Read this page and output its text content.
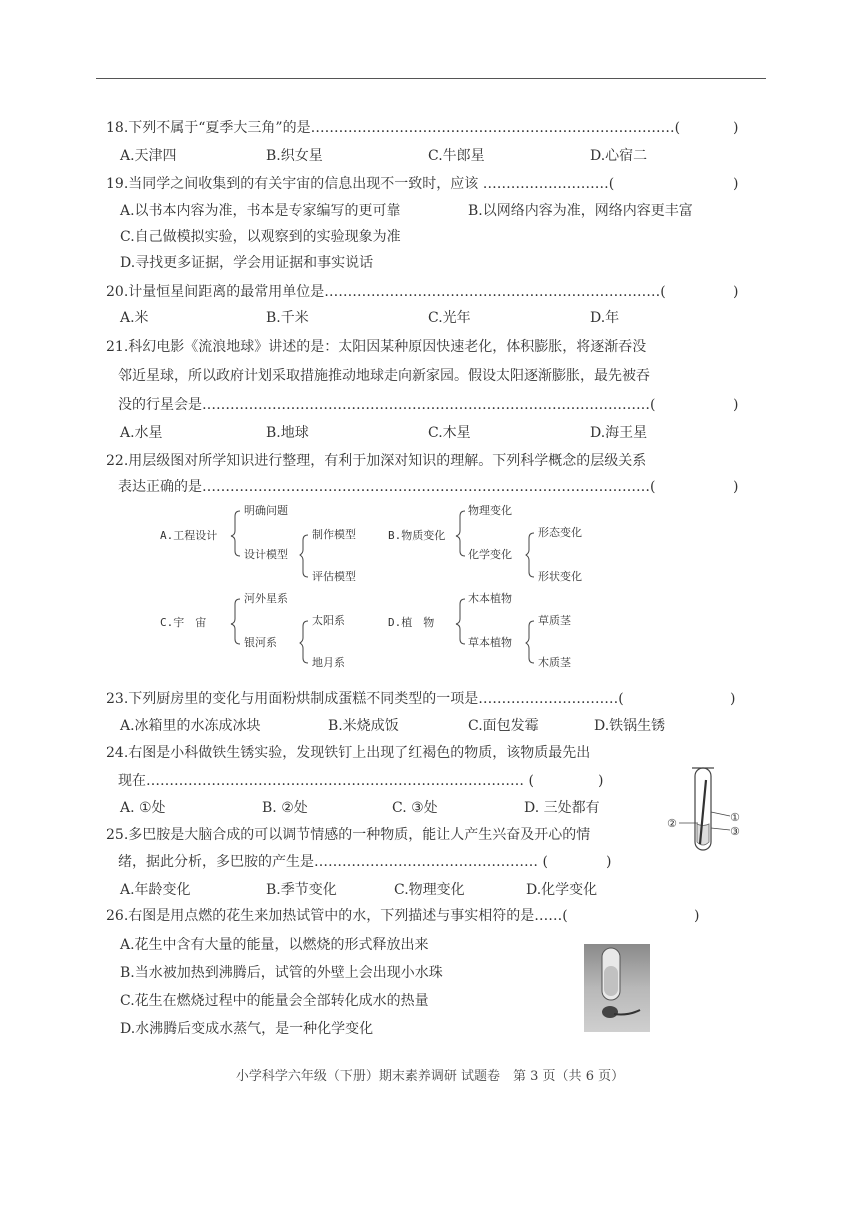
18.下列不属于“夏季大三角”的是……………………………………………………………………(	)
A.天津四	B.织女星	C.牛郎星	D.心宿二
19.当同学之间收集到的有关宇宙的信息出现不一致时，应该 ………………………(	)
A.以书本内容为准，书本是专家编写的更可靠	B.以网络内容为准，网络内容更丰富
C.自己做模拟实验，以观察到的实验现象为准
D.寻找更多证据，学会用证据和事实说话
20.计量恒星间距离的最常用单位是………………………………………………………………(	)
A.米	B.千米	C.光年	D.年
21.科幻电影《流浪地球》讲述的是：太阳因某种原因快速老化，体积膨胀，将逐渐吞没
邻近星球，所以政府计划采取措施推动地球走向新家园。假设太阳逐渐膨胀，最先被吞
没的行星会是……………………………………………………………………………………(	)
A.水星	B.地球	C.木星	D.海王星
22.用层级图对所学知识进行整理，有利于加深对知识的理解。下列科学概念的层级关系
表达正确的是……………………………………………………………………………………(	)
A.工程设计
明确问题
设计模型
制作模型
评估模型
B.物质变化
物理变化
化学变化
形态变化
形状变化
C.宇　宙
河外星系
银河系
太阳系
地月系
D.植　物
木本植物
草本植物
草质茎
木质茎
23.下列厨房里的变化与用面粉烘制成蛋糕不同类型的一项是…………………………(	)
A.冰箱里的水冻成冰块	B.米烧成饭	C.面包发霉	D.铁锅生锈
24.右图是小科做铁生锈实验，发现铁钉上出现了红褐色的物质，该物质最先出
现在……………………………………………………………………… (	)
A. ①处	B. ②处	C. ③处	D. 三处都有
①
③
②
25.多巴胺是大脑合成的可以调节情感的一种物质，能让人产生兴奋及开心的情
绪，据此分析，多巴胺的产生是………………………………………… (	)
A.年龄变化	B.季节变化	C.物理变化	D.化学变化
26.右图是用点燃的花生来加热试管中的水，下列描述与事实相符的是……(	)
A.花生中含有大量的能量，以燃烧的形式释放出来
B.当水被加热到沸腾后，试管的外壁上会出现小水珠
C.花生在燃烧过程中的能量会全部转化成水的热量
D.水沸腾后变成水蒸气，是一种化学变化
小学科学六年级（下册）期末素养调研 试题卷　第 3 页（共 6 页）
